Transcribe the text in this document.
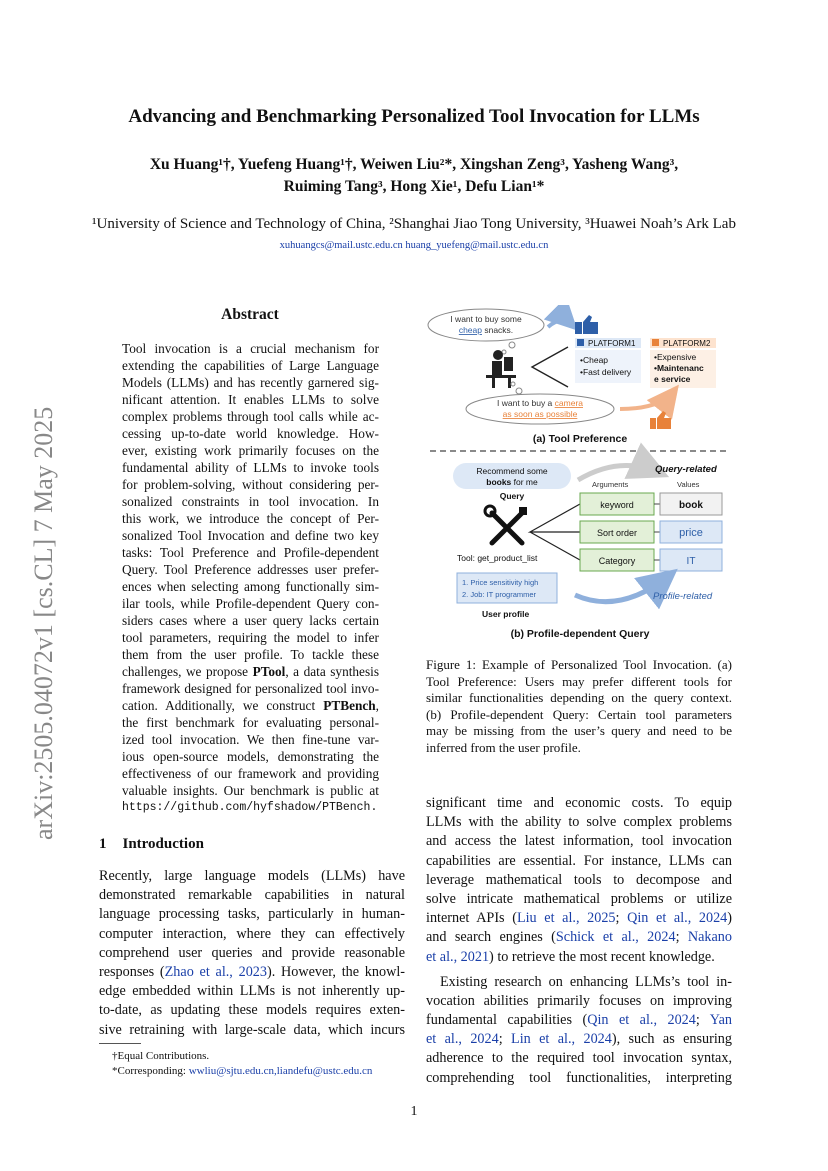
Advancing and Benchmarking Personalized Tool Invocation for LLMs
Xu Huang¹†, Yuefeng Huang¹†, Weiwen Liu²*, Xingshan Zeng³, Yasheng Wang³,
Ruiming Tang³, Hong Xie¹, Defu Lian¹*
¹University of Science and Technology of China, ²Shanghai Jiao Tong University, ³Huawei Noah’s Ark Lab
xuhuangcs@mail.ustc.edu.cn huang_yuefeng@mail.ustc.edu.cn
arXiv:2505.04072v1 [cs.CL] 7 May 2025
Abstract
Tool invocation is a crucial mechanism for
extending the capabilities of Large Language
Models (LLMs) and has recently garnered sig-
nificant attention. It enables LLMs to solve
complex problems through tool calls while ac-
cessing up-to-date world knowledge. How-
ever, existing work primarily focuses on the
fundamental ability of LLMs to invoke tools
for problem-solving, without considering per-
sonalized constraints in tool invocation. In
this work, we introduce the concept of Per-
sonalized Tool Invocation and define two key
tasks: Tool Preference and Profile-dependent
Query. Tool Preference addresses user prefer-
ences when selecting among functionally sim-
ilar tools, while Profile-dependent Query con-
siders cases where a user query lacks certain
tool parameters, requiring the model to infer
them from the user profile. To tackle these
challenges, we propose PTool, a data synthesis
framework designed for personalized tool invo-
cation. Additionally, we construct PTBench,
the first benchmark for evaluating personal-
ized tool invocation. We then fine-tune var-
ious open-source models, demonstrating the
effectiveness of our framework and providing
valuable insights. Our benchmark is public at
https://github.com/hyfshadow/PTBench.
1 Introduction
Recently, large language models (LLMs) have
demonstrated remarkable capabilities in natural
language processing tasks, particularly in human-
computer interaction, where they can effectively
comprehend user queries and provide reasonable
responses (Zhao et al., 2023). However, the knowl-
edge embedded within LLMs is not inherently up-
to-date, as updating these models requires exten-
sive retraining with large-scale data, which incurs
I want to buy some
cheap snacks.
PLATFORM1
•Cheap
•Fast delivery
PLATFORM2
•Expensive
•Maintenanc
e service
I want to buy a camera
as soon as possible
(a) Tool Preference
Recommend some
books for me
Query
Query-related
Arguments	Values
Tool: get_product_list
keyword
Sort order
Category
book
price
IT
1. Price sensitivity high
2. Job: IT programmer
User profile
Profile-related
(b) Profile-dependent Query
Figure 1: Example of Personalized Tool Invocation. (a)
Tool Preference: Users may prefer different tools for
similar functionalities depending on the query context.
(b) Profile-dependent Query: Certain tool parameters
may be missing from the user’s query and need to be
inferred from the user profile.
significant time and economic costs. To equip
LLMs with the ability to solve complex problems
and access the latest information, tool invocation
capabilities are essential. For instance, LLMs can
leverage mathematical tools to decompose and
solve intricate mathematical problems or utilize
internet APIs (Liu et al., 2025; Qin et al., 2024)
and search engines (Schick et al., 2024; Nakano
et al., 2021) to retrieve the most recent knowledge.
Existing research on enhancing LLMs’s tool in-
vocation abilities primarily focuses on improving
fundamental capabilities (Qin et al., 2024; Yan
et al., 2024; Lin et al., 2024), such as ensuring
adherence to the required tool invocation syntax,
comprehending tool functionalities, interpreting
†Equal Contributions.
*Corresponding: wwliu@sjtu.edu.cn,liandefu@ustc.edu.cn
1
